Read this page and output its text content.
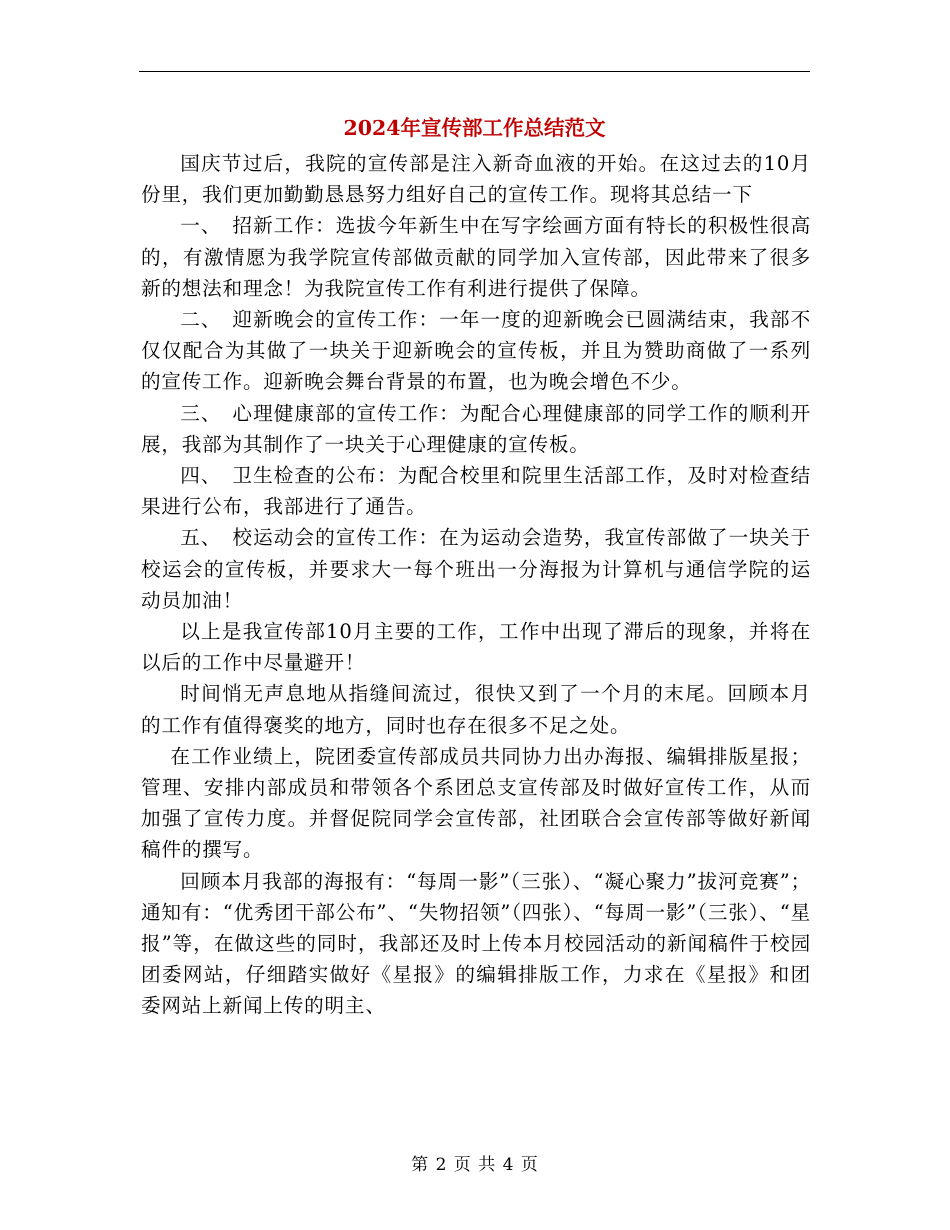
2024年宣传部工作总结范文

国庆节过后，我院的宣传部是注入新奇血液的开始。在这过去的10月份里，我们更加勤勤恳恳努力组好自己的宣传工作。现将其总结一下

一、　招新工作：选拔今年新生中在写字绘画方面有特长的积极性很高的，有激情愿为我学院宣传部做贡献的同学加入宣传部，因此带来了很多新的想法和理念！为我院宣传工作有利进行提供了保障。

二、　迎新晚会的宣传工作：一年一度的迎新晚会已圆满结束，我部不仅仅配合为其做了一块关于迎新晚会的宣传板，并且为赞助商做了一系列的宣传工作。迎新晚会舞台背景的布置，也为晚会增色不少。

三、　心理健康部的宣传工作：为配合心理健康部的同学工作的顺利开展，我部为其制作了一块关于心理健康的宣传板。

四、　卫生检查的公布：为配合校里和院里生活部工作，及时对检查结果进行公布，我部进行了通告。

五、　校运动会的宣传工作：在为运动会造势，我宣传部做了一块关于校运会的宣传板，并要求大一每个班出一分海报为计算机与通信学院的运动员加油！

以上是我宣传部10月主要的工作，工作中出现了滞后的现象，并将在以后的工作中尽量避开！

时间悄无声息地从指缝间流过，很快又到了一个月的末尾。回顾本月的工作有值得褒奖的地方，同时也存在很多不足之处。

在工作业绩上，院团委宣传部成员共同协力出办海报、编辑排版星报；管理、安排内部成员和带领各个系团总支宣传部及时做好宣传工作，从而加强了宣传力度。并督促院同学会宣传部，社团联合会宣传部等做好新闻稿件的撰写。

回顾本月我部的海报有：“每周一影”（三张）、“凝心聚力”拔河竞赛”；通知有：“优秀团干部公布”、“失物招领”（四张）、“每周一影”（三张）、“星报”等，在做这些的同时，我部还及时上传本月校园活动的新闻稿件于校园团委网站，仔细踏实做好《星报》的编辑排版工作，力求在《星报》和团委网站上新闻上传的明主、

第 2 页 共 4 页
